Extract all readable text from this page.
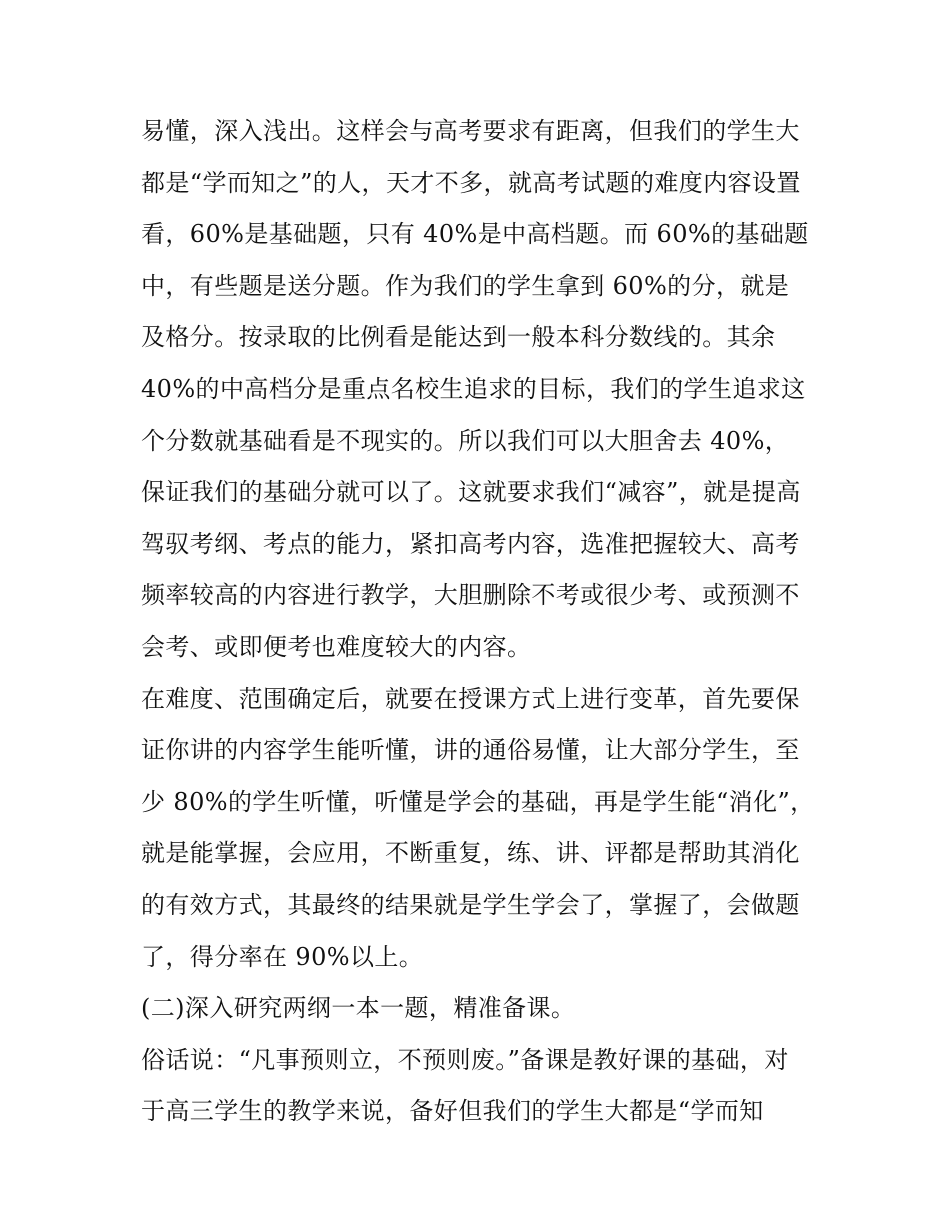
易懂，深入浅出。这样会与高考要求有距离，但我们的学生大
都是“学而知之”的人，天才不多，就高考试题的难度内容设置
看，60%是基础题，只有 40%是中高档题。而 60%的基础题
中，有些题是送分题。作为我们的学生拿到 60%的分，就是
及格分。按录取的比例看是能达到一般本科分数线的。其余
40%的中高档分是重点名校生追求的目标，我们的学生追求这
个分数就基础看是不现实的。所以我们可以大胆舍去 40%，
保证我们的基础分就可以了。这就要求我们“减容”，就是提高
驾驭考纲、考点的能力，紧扣高考内容，选准把握较大、高考
频率较高的内容进行教学，大胆删除不考或很少考、或预测不
会考、或即便考也难度较大的内容。
在难度、范围确定后，就要在授课方式上进行变革，首先要保
证你讲的内容学生能听懂，讲的通俗易懂，让大部分学生，至
少 80%的学生听懂，听懂是学会的基础，再是学生能“消化”，
就是能掌握，会应用，不断重复，练、讲、评都是帮助其消化
的有效方式，其最终的结果就是学生学会了，掌握了，会做题
了，得分率在 90%以上。
(二)深入研究两纲一本一题，精准备课。
俗话说：“凡事预则立，不预则废。”备课是教好课的基础，对
于高三学生的教学来说，备好但我们的学生大都是“学而知
